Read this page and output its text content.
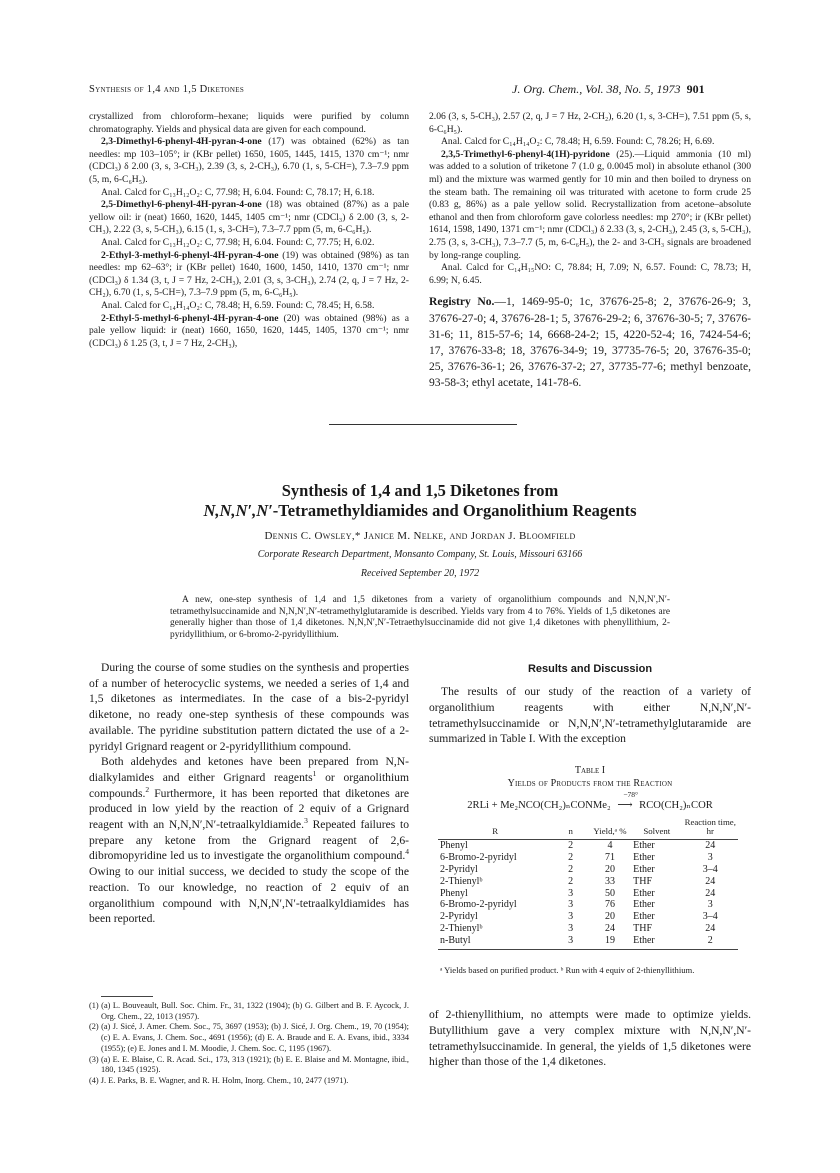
Synthesis of 1,4 and 1,5 Diketones	J. Org. Chem., Vol. 38, No. 5, 1973 901

crystallized from chloroform–hexane; liquids were purified by column chromatography. Yields and physical data are given for each compound.

2,3-Dimethyl-6-phenyl-4H-pyran-4-one (17) was obtained (62%) as tan needles: mp 103–105°; ir (KBr pellet) 1650, 1605, 1445, 1415, 1370 cm⁻¹; nmr (CDCl₃) δ 2.00 (3, s, 3-CH₃), 2.39 (3, s, 2-CH₃), 6.70 (1, s, 5-CH=), 7.3–7.9 ppm (5, m, 6-C₆H₅).

Anal. Calcd for C₁₃H₁₂O₂: C, 77.98; H, 6.04. Found: C, 78.17; H, 6.18.

2,5-Dimethyl-6-phenyl-4H-pyran-4-one (18) was obtained (87%) as a pale yellow oil: ir (neat) 1660, 1620, 1445, 1405 cm⁻¹; nmr (CDCl₃) δ 2.00 (3, s, 2-CH₃), 2.22 (3, s, 5-CH₃), 6.15 (1, s, 3-CH=), 7.3–7.7 ppm (5, m, 6-C₆H₅).

Anal. Calcd for C₁₃H₁₂O₂: C, 77.98; H, 6.04. Found: C, 77.75; H, 6.02.

2-Ethyl-3-methyl-6-phenyl-4H-pyran-4-one (19) was obtained (98%) as tan needles: mp 62–63°; ir (KBr pellet) 1640, 1600, 1450, 1410, 1370 cm⁻¹; nmr (CDCl₃) δ 1.34 (3, t, J = 7 Hz, 2-CH₃), 2.01 (3, s, 3-CH₃), 2.74 (2, q, J = 7 Hz, 2-CH₂), 6.70 (1, s, 5-CH=), 7.3–7.9 ppm (5, m, 6-C₆H₅).

Anal. Calcd for C₁₄H₁₄O₂: C, 78.48; H, 6.59. Found: C, 78.45; H, 6.58.

2-Ethyl-5-methyl-6-phenyl-4H-pyran-4-one (20) was obtained (98%) as a pale yellow liquid: ir (neat) 1660, 1650, 1620, 1445, 1405, 1370 cm⁻¹; nmr (CDCl₃) δ 1.25 (3, t, J = 7 Hz, 2-CH₃),

2.06 (3, s, 5-CH₃), 2.57 (2, q, J = 7 Hz, 2-CH₂), 6.20 (1, s, 3-CH=), 7.51 ppm (5, s, 6-C₆H₅).

Anal. Calcd for C₁₄H₁₄O₂: C, 78.48; H, 6.59. Found: C, 78.26; H, 6.69.

2,3,5-Trimethyl-6-phenyl-4(1H)-pyridone (25).—Liquid ammonia (10 ml) was added to a solution of triketone 7 (1.0 g, 0.0045 mol) in absolute ethanol (300 ml) and the mixture was warmed gently for 10 min and then boiled to dryness on the steam bath. The remaining oil was triturated with acetone to form crude 25 (0.83 g, 86%) as a pale yellow solid. Recrystallization from acetone–absolute ethanol and then from chloroform gave colorless needles: mp 270°; ir (KBr pellet) 1614, 1598, 1490, 1371 cm⁻¹; nmr (CDCl₃) δ 2.33 (3, s, 2-CH₃), 2.45 (3, s, 5-CH₃), 2.75 (3, s, 3-CH₃), 7.3–7.7 (5, m, 6-C₆H₅), the 2- and 3-CH₃ signals are broadened by long-range coupling.

Anal. Calcd for C₁₄H₁₅NO: C, 78.84; H, 7.09; N, 6.57. Found: C, 78.73; H, 6.99; N, 6.45.

Registry No.—1, 1469-95-0; 1c, 37676-25-8; 2, 37676-26-9; 3, 37676-27-0; 4, 37676-28-1; 5, 37676-29-2; 6, 37676-30-5; 7, 37676-31-6; 11, 815-57-6; 14, 6668-24-2; 15, 4220-52-4; 16, 7424-54-6; 17, 37676-33-8; 18, 37676-34-9; 19, 37735-76-5; 20, 37676-35-0; 25, 37676-36-1; 26, 37676-37-2; 27, 37735-77-6; methyl benzoate, 93-58-3; ethyl acetate, 141-78-6.

Synthesis of 1,4 and 1,5 Diketones from
N,N,N′,N′-Tetramethyldiamides and Organolithium Reagents
Dennis C. Owsley,* Janice M. Nelke, and Jordan J. Bloomfield
Corporate Research Department, Monsanto Company, St. Louis, Missouri 63166
Received September 20, 1972
A new, one-step synthesis of 1,4 and 1,5 diketones from a variety of organolithium compounds and N,N,N′,N′-tetramethylsuccinamide and N,N,N′,N′-tetramethylglutaramide is described. Yields vary from 4 to 76%. Yields of 1,5 diketones are generally higher than those of 1,4 diketones. N,N,N′,N′-Tetraethylsuccinamide did not give 1,4 diketones with phenyllithium, 2-pyridyllithium, or 6-bromo-2-pyridyllithium.

During the course of some studies on the synthesis and properties of a number of heterocyclic systems, we needed a series of 1,4 and 1,5 diketones as intermediates. In the case of a bis-2-pyridyl diketone, no ready one-step synthesis of these compounds was available. The pyridine substitution pattern dictated the use of a 2-pyridyl Grignard reagent or 2-pyridyllithium compound.

Both aldehydes and ketones have been prepared from N,N-dialkylamides and either Grignard reagents$^1$ or organolithium compounds.$^2$ Furthermore, it has been reported that diketones are produced in low yield by the reaction of 2 equiv of a Grignard reagent with an N,N,N′,N′-tetraalkyldiamide.$^3$ Repeated failures to prepare any ketone from the Grignard reagent of 2,6-dibromopyridine led us to investigate the organolithium compound.$^4$ Owing to our initial success, we decided to study the scope of the reaction. To our knowledge, no reaction of 2 equiv of an organolithium compound with N,N,N′,N′-tetraalkyldiamides has been reported.

(1) (a) L. Bouveault, Bull. Soc. Chim. Fr., 31, 1322 (1904); (b) G. Gilbert and B. F. Aycock, J. Org. Chem., 22, 1013 (1957).

(2) (a) J. Sicé, J. Amer. Chem. Soc., 75, 3697 (1953); (b) J. Sicé, J. Org. Chem., 19, 70 (1954); (c) E. A. Evans, J. Chem. Soc., 4691 (1956); (d) E. A. Braude and E. A. Evans, ibid., 3334 (1955); (e) E. Jones and I. M. Moodie, J. Chem. Soc. C, 1195 (1967).

(3) (a) E. E. Blaise, C. R. Acad. Sci., 173, 313 (1921); (b) E. E. Blaise and M. Montagne, ibid., 180, 1345 (1925).

(4) J. E. Parks, B. E. Wagner, and R. H. Holm, Inorg. Chem., 10, 2477 (1971).

Results and Discussion

The results of our study of the reaction of a variety of organolithium reagents with either N,N,N′,N′-tetramethylsuccinamide or N,N,N′,N′-tetramethylglutaramide are summarized in Table I. With the exception

Table I
Yields of Products from the Reaction
2RLi + Me₂NCO(CH₂)ₙCONMe₂
−78°
⟶ RCO(CH₂)ₙCOR
R	n	Yield,ᵃ %	Solvent	Reaction time, hr
Phenyl	2	4	Ether	24
6-Bromo-2-pyridyl	2	71	Ether	3
2-Pyridyl	2	20	Ether	3–4
2-Thienylᵇ	2	33	THF	24
Phenyl	3	50	Ether	24
6-Bromo-2-pyridyl	3	76	Ether	3
2-Pyridyl	3	20	Ether	3–4
2-Thienylᵇ	3	24	THF	24
n-Butyl	3	19	Ether	2
ᵃ Yields based on purified product. ᵇ Run with 4 equiv of 2-thienyllithium.

of 2-thienyllithium, no attempts were made to optimize yields. Butyllithium gave a very complex mixture with N,N,N′,N′-tetramethylsuccinamide. In general, the yields of 1,5 diketones were higher than those of the 1,4 diketones.
